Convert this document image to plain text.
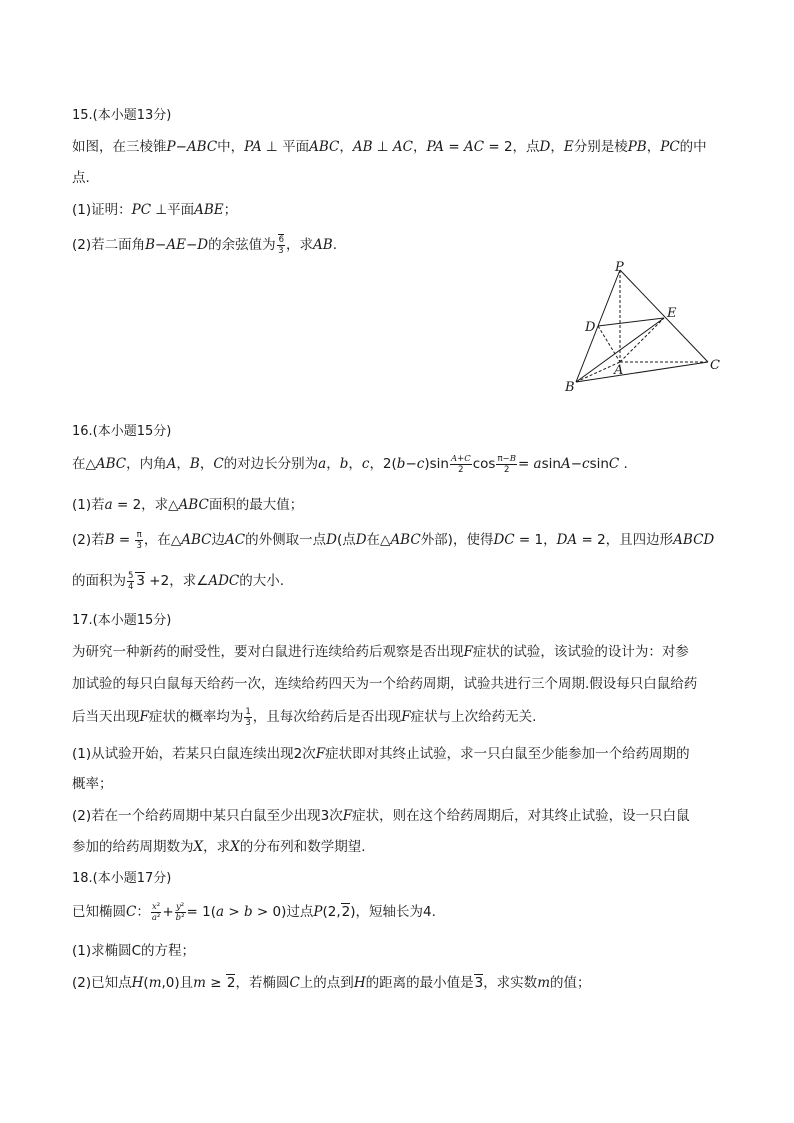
15.(本小题13分)
如图，在三棱锥P−ABC中，PA ⊥ 平面ABC，AB ⊥ AC，PA = AC = 2，点D，E分别是棱PB，PC的中
点.
(1)证明：PC ⊥平面ABE；
(2)若二面角B−AE−D的余弦值为 $\frac{6}{3}$ ，求AB.
P
D
E
A
B
C
16.(本小题15分)
在△ABC，内角A，B，C的对边长分别为a，b，c，$2(b-c)\sin \frac{A+C}{2}$ $\cos \frac{\pi-B}{2} = asinA-csinC$ .
(1)若a = 2，求△ABC面积的最大值；
(2)若$B = \frac{\pi}{3}$ ，在△ABC边AC的外侧取一点D(点D在△ABC外部)，使得DC = 1，DA = 2，且四边形ABCD
的面积为 $\frac{5}{4} 3 +2$，求∠ADC的大小.
17.(本小题15分)
为研究一种新药的耐受性，要对白鼠进行连续给药后观察是否出现F症状的试验，该试验的设计为：对参
加试验的每只白鼠每天给药一次，连续给药四天为一个给药周期，试验共进行三个周期.假设每只白鼠给药
后当天出现F症状的概率均为 $\frac{1}{3}$ ，且每次给药后是否出现F症状与上次给药无关.
(1)从试验开始，若某只白鼠连续出现2次F症状即对其终止试验，求一只白鼠至少能参加一个给药周期的
概率；
(2)若在一个给药周期中某只白鼠至少出现3次F症状，则在这个给药周期后，对其终止试验，设一只白鼠
参加的给药周期数为X，求X的分布列和数学期望.
18.(本小题17分)
已知椭圆C： $\frac{\text{x²}}{\text{a²}} + \frac{\text{y²}}{\text{b²}} = 1(a > b > 0)$过点P(2,2)，短轴长为4.
(1)求椭圆C的方程；
(2)已知点H(m,0)且m ≥ 2，若椭圆C上的点到H的距离的最小值是3，求实数m的值；
